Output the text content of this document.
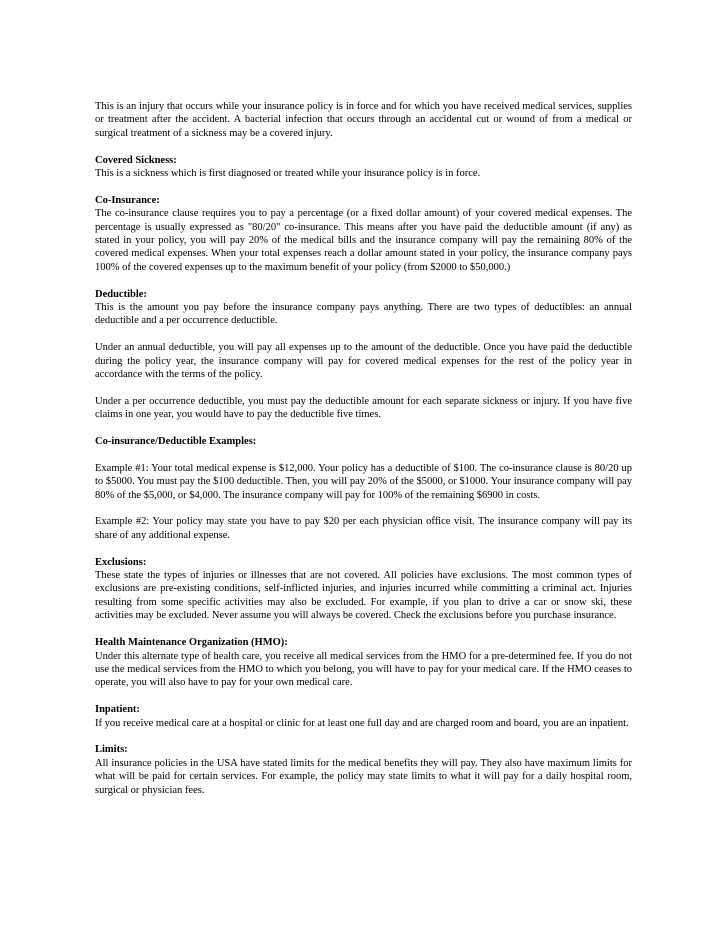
This is an injury that occurs while your insurance policy is in force and for which you have received medical services, supplies or treatment after the accident. A bacterial infection that occurs through an accidental cut or wound of from a medical or surgical treatment of a sickness may be a covered injury.

Covered Sickness:

This is a sickness which is first diagnosed or treated while your insurance policy is in force.

Co-Insurance:

The co-insurance clause requires you to pay a percentage (or a fixed dollar amount) of your covered medical expenses. The percentage is usually expressed as "80/20" co-insurance. This means after you have paid the deductible amount (if any) as stated in your policy, you will pay 20% of the medical bills and the insurance company will pay the remaining 80% of the covered medical expenses. When your total expenses reach a dollar amount stated in your policy, the insurance company pays 100% of the covered expenses up to the maximum benefit of your policy (from $2000 to $50,000.)

Deductible:

This is the amount you pay before the insurance company pays anything. There are two types of deductibles: an annual deductible and a per occurrence deductible.

Under an annual deductible, you will pay all expenses up to the amount of the deductible. Once you have paid the deductible during the policy year, the insurance company will pay for covered medical expenses for the rest of the policy year in accordance with the terms of the policy.

Under a per occurrence deductible, you must pay the deductible amount for each separate sickness or injury. If you have five claims in one year, you would have to pay the deductible five times.

Co-insurance/Deductible Examples:

Example #1: Your total medical expense is $12,000. Your policy has a deductible of $100. The co-insurance clause is 80/20 up to $5000. You must pay the $100 deductible. Then, you will pay 20% of the $5000, or $1000. Your insurance company will pay 80% of the $5,000, or $4,000. The insurance company will pay for 100% of the remaining $6900 in costs.

Example #2: Your policy may state you have to pay $20 per each physician office visit. The insurance company will pay its share of any additional expense.

Exclusions:

These state the types of injuries or illnesses that are not covered. All policies have exclusions. The most common types of exclusions are pre-existing conditions, self-inflicted injuries, and injuries incurred while committing a criminal act. Injuries resulting from some specific activities may also be excluded. For example, if you plan to drive a car or snow ski, these activities may be excluded. Never assume you will always be covered. Check the exclusions before you purchase insurance.

Health Maintenance Organization (HMO):

Under this alternate type of health care, you receive all medical services from the HMO for a pre-determined fee. If you do not use the medical services from the HMO to which you belong, you will have to pay for your medical care. If the HMO ceases to operate, you will also have to pay for your own medical care.

Inpatient:

If you receive medical care at a hospital or clinic for at least one full day and are charged room and board, you are an inpatient.

Limits:

All insurance policies in the USA have stated limits for the medical benefits they will pay. They also have maximum limits for what will be paid for certain services. For example, the policy may state limits to what it will pay for a daily hospital room, surgical or physician fees.
